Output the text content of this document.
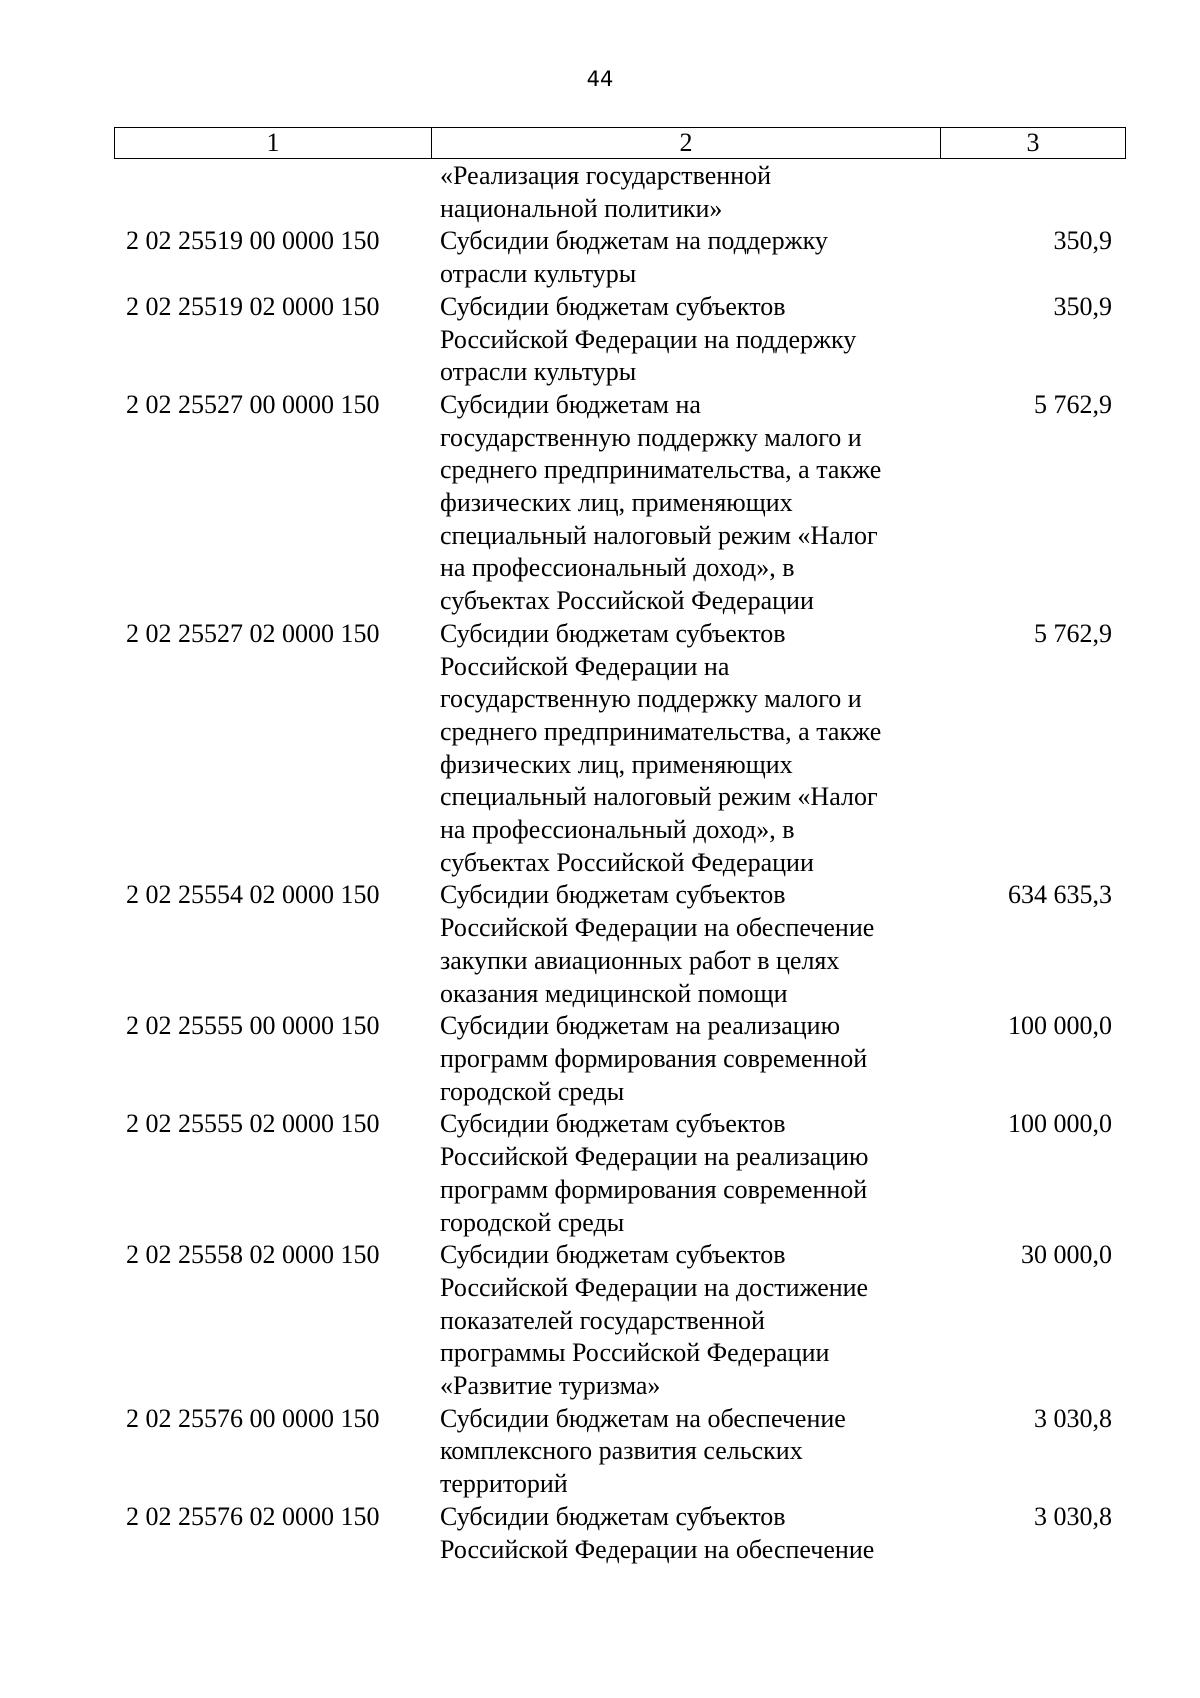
44
1	2	3
«Реализация государственной
национальной политики»
2 02 25519 00 0000 150	Субсидии бюджетам на поддержку
отрасли культуры
350,9
2 02 25519 02 0000 150	Субсидии бюджетам субъектов
Российской Федерации на поддержку
отрасли культуры
350,9
2 02 25527 00 0000 150	Субсидии бюджетам на
государственную поддержку малого и
среднего предпринимательства, а также
физических лиц, применяющих
специальный налоговый режим «Налог
на профессиональный доход», в
субъектах Российской Федерации
5 762,9
2 02 25527 02 0000 150	Субсидии бюджетам субъектов
Российской Федерации на
государственную поддержку малого и
среднего предпринимательства, а также
физических лиц, применяющих
специальный налоговый режим «Налог
на профессиональный доход», в
субъектах Российской Федерации
5 762,9
2 02 25554 02 0000 150	Субсидии бюджетам субъектов
Российской Федерации на обеспечение
закупки авиационных работ в целях
оказания медицинской помощи
634 635,3
2 02 25555 00 0000 150	Субсидии бюджетам на реализацию
программ формирования современной
городской среды
100 000,0
2 02 25555 02 0000 150	Субсидии бюджетам субъектов
Российской Федерации на реализацию
программ формирования современной
городской среды
100 000,0
2 02 25558 02 0000 150	Субсидии бюджетам субъектов
Российской Федерации на достижение
показателей государственной
программы Российской Федерации
«Развитие туризма»
30 000,0
2 02 25576 00 0000 150	Субсидии бюджетам на обеспечение
комплексного развития сельских
территорий
3 030,8
2 02 25576 02 0000 150	Субсидии бюджетам субъектов
Российской Федерации на обеспечение
3 030,8
